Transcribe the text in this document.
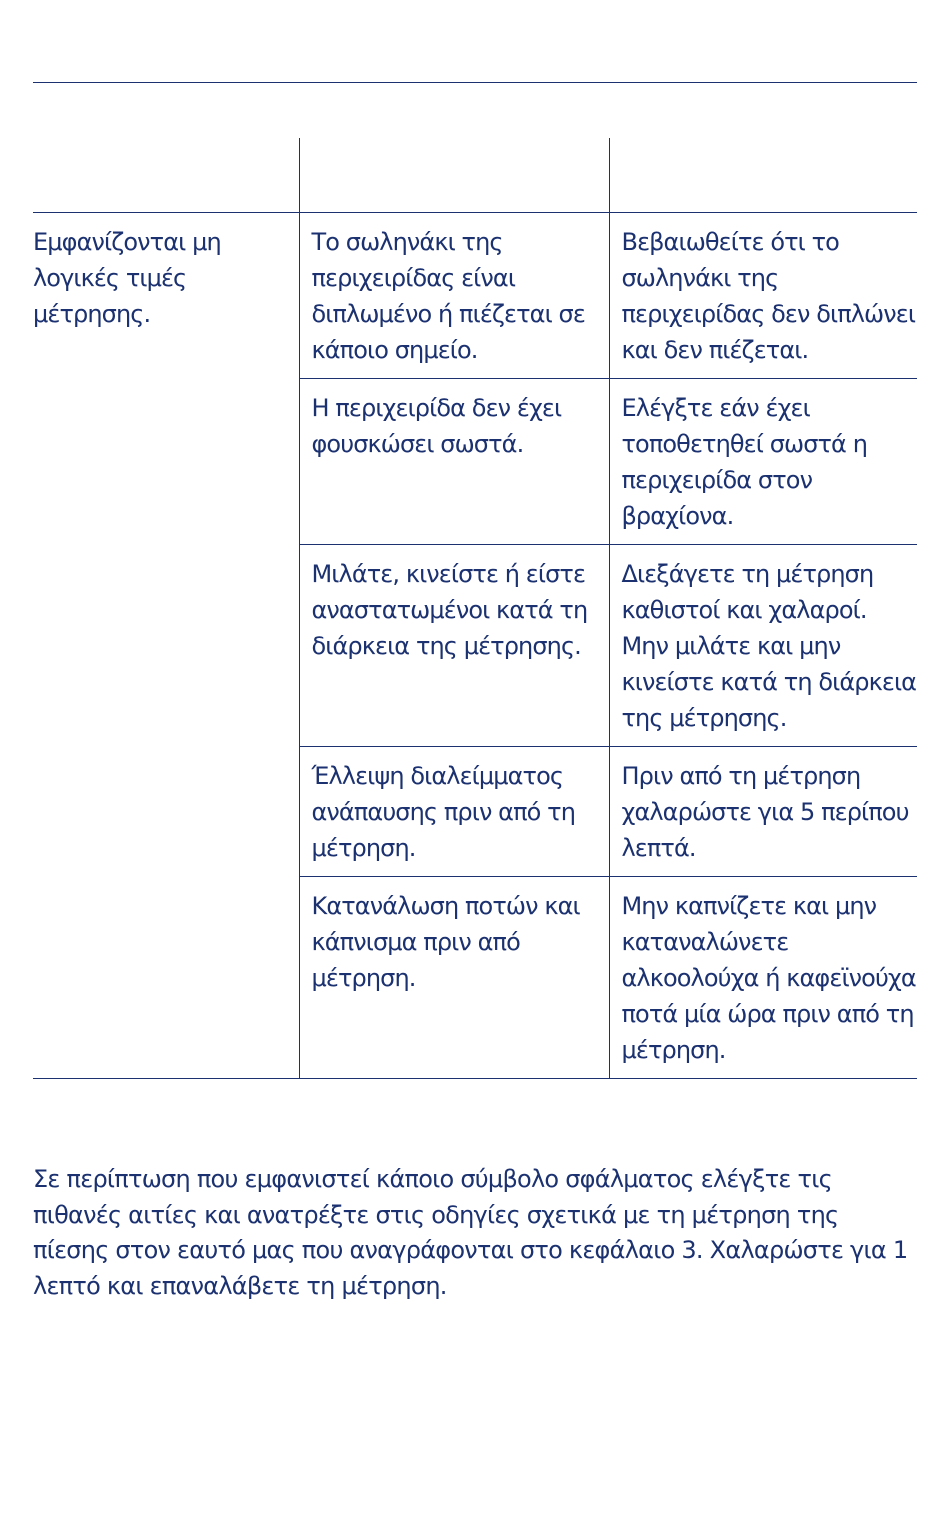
Εμφανίζονται μη λογικές τιμές μέτρησης.	Το σωληνάκι της περιχειρίδας είναι διπλωμένο ή πιέζεται σε κάποιο σημείο.	Βεβαιωθείτε ότι το σωληνάκι της περιχειρίδας δεν διπλώνει και δεν πιέζεται.
	Η περιχειρίδα δεν έχει φουσκώσει σωστά.	Ελέγξτε εάν έχει τοποθετηθεί σωστά η περιχειρίδα στον βραχίονα.
	Μιλάτε, κινείστε ή είστε αναστατωμένοι κατά τη διάρκεια της μέτρησης.	Διεξάγετε τη μέτρηση καθιστοί και χαλαροί. Μην μιλάτε και μην κινείστε κατά τη διάρκεια της μέτρησης.
	Έλλειψη διαλείμματος ανάπαυσης πριν από τη μέτρηση.	Πριν από τη μέτρηση χαλαρώστε για 5 περίπου λεπτά.
	Κατανάλωση ποτών και κάπνισμα πριν από μέτρηση.	Μην καπνίζετε και μην καταναλώνετε αλκοολούχα ή καφεϊνούχα ποτά μία ώρα πριν από τη μέτρηση.

Σε περίπτωση που εμφανιστεί κάποιο σύμβολο σφάλματος ελέγξτε τις πιθανές αιτίες και ανατρέξτε στις οδηγίες σχετικά με τη μέτρηση της πίεσης στον εαυτό μας που αναγράφονται στο κεφάλαιο 3. Χαλαρώστε για 1 λεπτό και επαναλάβετε τη μέτρηση.
